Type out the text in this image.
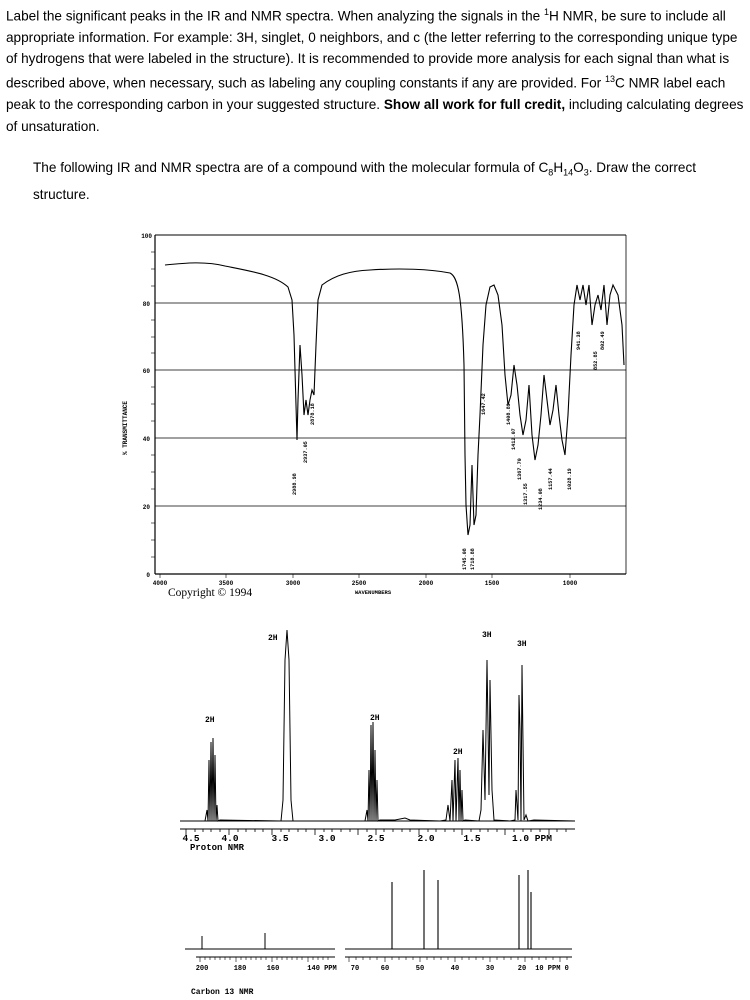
Label the significant peaks in the IR and NMR spectra. When analyzing the signals in the $^1$H NMR, be sure to include all appropriate information. For example: 3H, singlet, 0 neighbors, and c (the letter referring to the corresponding unique type of hydrogens that were labeled in the structure). It is recommended to provide more analysis for each signal than what is described above, when necessary, such as labeling any coupling constants if any are provided. For $^{13}$C NMR label each peak to the corresponding carbon in your suggested structure. Show all work for full credit, including calculating degrees of unsaturation.
The following IR and NMR spectra are of a compound with the molecular formula of $C_8H_{14}O_3$. Draw the correct structure.
100
80
60
40
20
0
% TRANSMITTANCE
4000	3500	3000	2500	2000	1500	1000
WAVENUMBERS
2988.98
2937.05
2878.18
1745.08 1718.88
1647.42	1408.89
1412.07
1367.70
1317.55 1234.08
1157.44	1028.19
941.38
852.85
802.49
Copyright © 1994
2H
2H
2H
2H
3H
3H
4.5 4.0	3.5	3.0	2.5	2.0	1.5	1.0 PPM
Proton NMR
200	180	160	140 PPM 70	60	50	40	30	20 10 PPM 0
Carbon 13 NMR
